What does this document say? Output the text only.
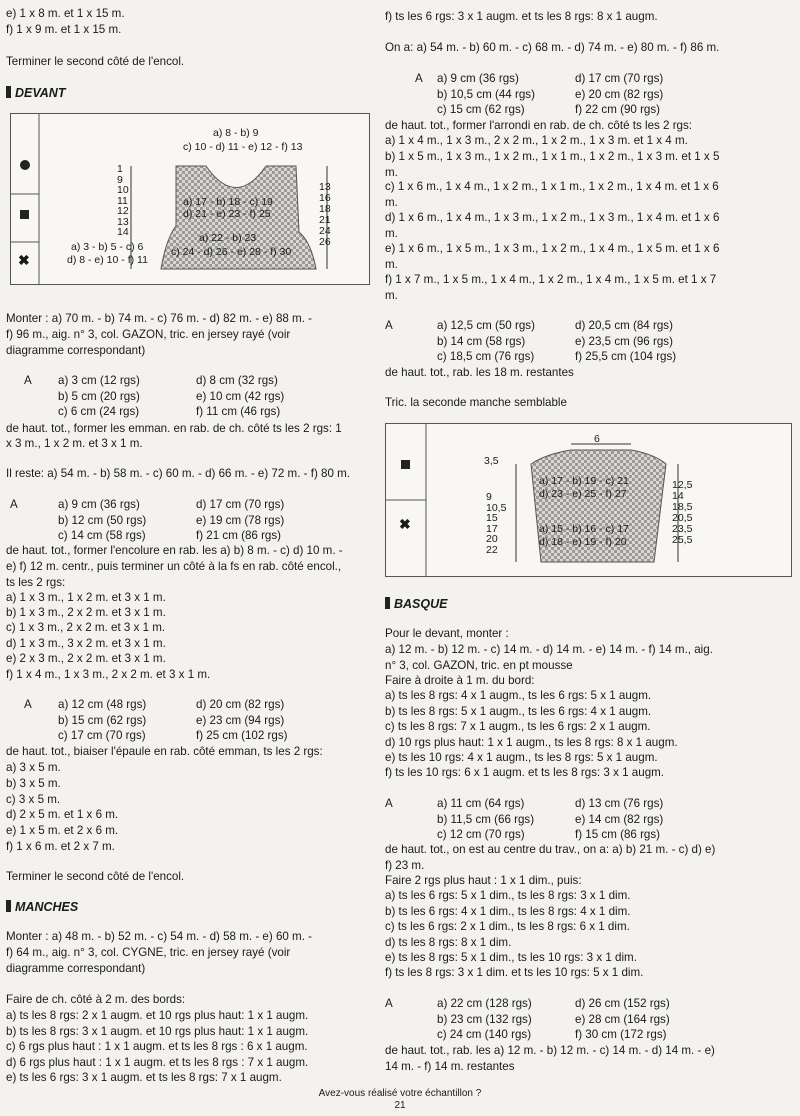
e) 1 x 8 m. et 1 x 15 m.
f) 1 x 9 m. et 1 x 15 m.
Terminer le second côté de l'encol.
DEVANT
Monter : a) 70 m. - b) 74 m. - c) 76 m. - d) 82 m. - e) 88 m. -
f) 96 m., aig. n° 3, col. GAZON, tric. en jersey rayé (voir
diagramme correspondant)
A
de haut. tot., former les emman. en rab. de ch. côté ts les 2 rgs: 1
x 3 m., 1 x 2 m. et 3 x 1 m.
Il reste: a) 54 m. - b) 58 m. - c) 60 m. - d) 66 m. - e) 72 m. - f) 80 m.
A
de haut. tot., former l'encolure en rab. les a) b) 8 m. - c) d) 10 m. -
e) f) 12 m. centr., puis terminer un côté à la fs en rab. côté encol.,
ts les 2 rgs:
a) 1 x 3 m., 1 x 2 m. et 3 x 1 m.
b) 1 x 3 m., 2 x 2 m. et 3 x 1 m.
c) 1 x 3 m., 2 x 2 m. et 3 x 1 m.
d) 1 x 3 m., 3 x 2 m. et 3 x 1 m.
e) 2 x 3 m., 2 x 2 m. et 3 x 1 m.
f) 1 x 4 m., 1 x 3 m., 2 x 2 m. et 3 x 1 m.
A
de haut. tot., biaiser l'épaule en rab. côté emman, ts les 2 rgs:
a) 3 x 5 m.
b) 3 x 5 m.
c) 3 x 5 m.
d) 2 x 5 m. et 1 x 6 m.
e) 1 x 5 m. et 2 x 6 m.
f) 1 x 6 m. et 2 x 7 m.
Terminer le second côté de l'encol.
MANCHES
Monter : a) 48 m. - b) 52 m. - c) 54 m. - d) 58 m. - e) 60 m. -
f) 64 m., aig. n° 3, col. CYGNE, tric. en jersey rayé (voir
diagramme correspondant)
Faire de ch. côté à 2 m. des bords:
a) ts les 8 rgs: 2 x 1 augm. et 10 rgs plus haut: 1 x 1 augm.
b) ts les 8 rgs: 3 x 1 augm. et 10 rgs plus haut: 1 x 1 augm.
c) 6 rgs plus haut : 1 x 1 augm. et ts les 8 rgs : 6 x 1 augm.
d) 6 rgs plus haut : 1 x 1 augm. et ts les 8 rgs : 7 x 1 augm.
e) ts les 6 rgs: 3 x 1 augm. et ts les 8 rgs: 7 x 1 augm.
a) 3 cm (12 rgs)
b) 5 cm (20 rgs)
c) 6 cm (24 rgs)
d) 8 cm (32 rgs)
e) 10 cm (42 rgs)
f) 11 cm (46 rgs)
a) 9 cm (36 rgs)
b) 12 cm (50 rgs)
c) 14 cm (58 rgs)
d) 17 cm (70 rgs)
e) 19 cm (78 rgs)
f) 21 cm (86 rgs)
a) 12 cm (48 rgs)
b) 15 cm (62 rgs)
c) 17 cm (70 rgs)
d) 20 cm (82 rgs)
e) 23 cm (94 rgs)
f) 25 cm (102 rgs)
f) ts les 6 rgs: 3 x 1 augm. et ts les 8 rgs: 8 x 1 augm.
On a: a) 54 m. - b) 60 m. - c) 68 m. - d) 74 m. - e) 80 m. - f) 86 m.
A
de haut. tot., former l'arrondi en rab. de ch. côté ts les 2 rgs:
a) 1 x 4 m., 1 x 3 m., 2 x 2 m., 1 x 2 m., 1 x 3 m. et 1 x 4 m.
b) 1 x 5 m., 1 x 3 m., 1 x 2 m., 1 x 1 m., 1 x 2 m., 1 x 3 m. et 1 x 5
m.
c) 1 x 6 m., 1 x 4 m., 1 x 2 m., 1 x 1 m., 1 x 2 m., 1 x 4 m. et 1 x 6
m.
d) 1 x 6 m., 1 x 4 m., 1 x 3 m., 1 x 2 m., 1 x 3 m., 1 x 4 m. et 1 x 6
m.
e) 1 x 6 m., 1 x 5 m., 1 x 3 m., 1 x 2 m., 1 x 4 m., 1 x 5 m. et 1 x 6
m.
f) 1 x 7 m., 1 x 5 m., 1 x 4 m., 1 x 2 m., 1 x 4 m., 1 x 5 m. et 1 x 7
m.
A
de haut. tot., rab. les 18 m. restantes
Tric. la seconde manche semblable
BASQUE
Pour le devant, monter :
a) 12 m. - b) 12 m. - c) 14 m. - d) 14 m. - e) 14 m. - f) 14 m., aig.
n° 3, col. GAZON, tric. en pt mousse
Faire à droite à 1 m. du bord:
a) ts les 8 rgs: 4 x 1 augm., ts les 6 rgs: 5 x 1 augm.
b) ts les 8 rgs: 5 x 1 augm., ts les 6 rgs: 4 x 1 augm.
c) ts les 8 rgs: 7 x 1 augm., ts les 6 rgs: 2 x 1 augm.
d) 10 rgs plus haut: 1 x 1 augm., ts les 8 rgs: 8 x 1 augm.
e) ts les 10 rgs: 4 x 1 augm., ts les 8 rgs: 5 x 1 augm.
f) ts les 10 rgs: 6 x 1 augm. et ts les 8 rgs: 3 x 1 augm.
A
de haut. tot., on est au centre du trav., on a: a) b) 21 m. - c) d) e)
f) 23 m.
Faire 2 rgs plus haut : 1 x 1 dim., puis:
a) ts les 6 rgs: 5 x 1 dim., ts les 8 rgs: 3 x 1 dim.
b) ts les 6 rgs: 4 x 1 dim., ts les 8 rgs: 4 x 1 dim.
c) ts les 6 rgs: 2 x 1 dim., ts les 8 rgs: 6 x 1 dim.
d) ts les 8 rgs: 8 x 1 dim.
e) ts les 8 rgs: 5 x 1 dim., ts les 10 rgs: 3 x 1 dim.
f) ts les 8 rgs: 3 x 1 dim. et ts les 10 rgs: 5 x 1 dim.
A
de haut. tot., rab. les a) 12 m. - b) 12 m. - c) 14 m. - d) 14 m. - e)
14 m. - f) 14 m. restantes
a) 9 cm (36 rgs)
b) 10,5 cm (44 rgs)
c) 15 cm (62 rgs)
d) 17 cm (70 rgs)
e) 20 cm (82 rgs)
f) 22 cm (90 rgs)
a) 12,5 cm (50 rgs)
b) 14 cm (58 rgs)
c) 18,5 cm (76 rgs)
d) 20,5 cm (84 rgs)
e) 23,5 cm (96 rgs)
f) 25,5 cm (104 rgs)
a) 11 cm (64 rgs)
b) 11,5 cm (66 rgs)
c) 12 cm (70 rgs)
d) 13 cm (76 rgs)
e) 14 cm (82 rgs)
f) 15 cm (86 rgs)
a) 22 cm (128 rgs)
b) 23 cm (132 rgs)
c) 24 cm (140 rgs)
d) 26 cm (152 rgs)
e) 28 cm (164 rgs)
f) 30 cm (172 rgs)
✖
a) 8 - b) 9
c) 10 - d) 11 - e) 12 - f) 13
1
9
10
11
12
13
14
13
16
18
21
24
26
a) 17 - b) 18 - c) 19
d) 21 - e) 23 - f) 25
a) 22 - b) 23
c) 24 - d) 26 - e) 28 - f) 30
a) 3 - b) 5 - c) 6
d) 8 - e) 10 - f) 11
✖
6
3,5
9
10,5
15
17
20
22
12,5
14
18,5
20,5
23,5
25,5
a) 17 - b) 19 - c) 21
d) 23 - e) 25 - f) 27
a) 15 - b) 16 - c) 17
d) 18 - e) 19 - f) 20
Avez-vous réalisé votre échantillon ?
21
